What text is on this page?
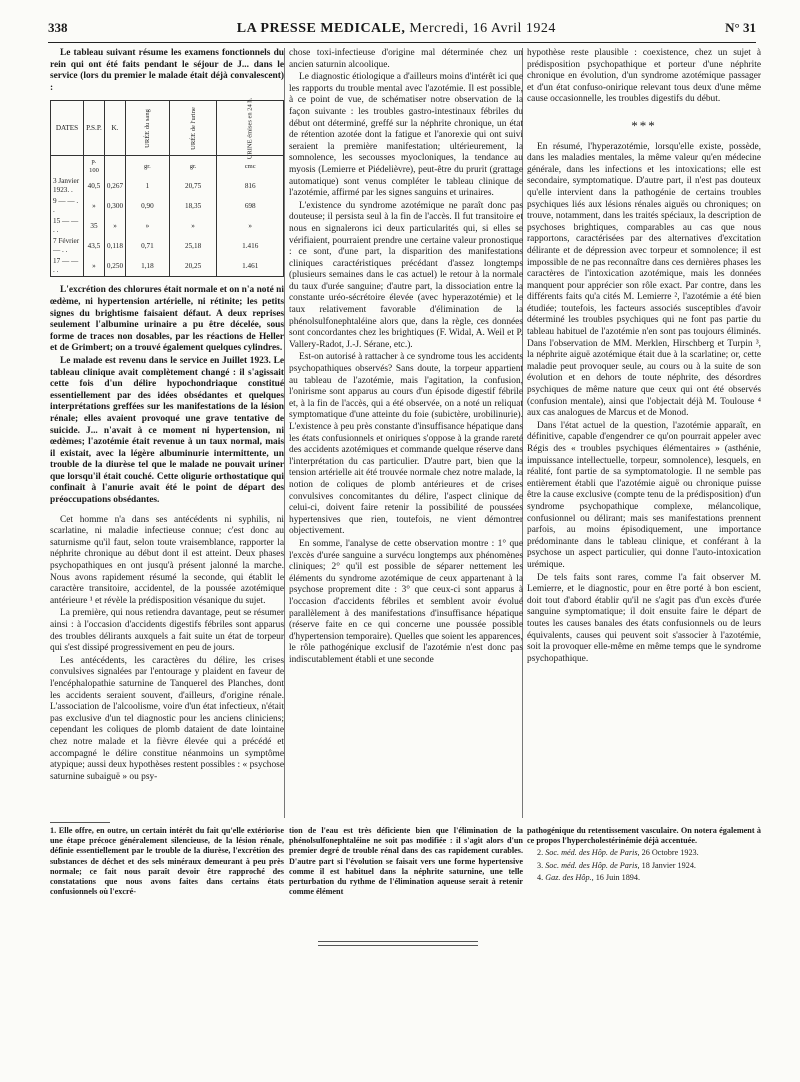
338	LA PRESSE MEDICALE, Mercredi, 16 Avril 1924	N° 31

Le tableau suivant résume les examens fonctionnels du rein qui ont été faits pendant le séjour de J... dans le service (lors du premier le malade était déjà convalescent) :

DATES	P.S.P.	K.	URÉE du sang	URÉE de l'urine	URINE émises en 24 h.
	p. 100		gr.	gr.	cmc
3 Janvier 1923. .	40,5	0,267	1	20,75	816
9 — — . .	»	0,300	0,90	18,35	698
15 — — . .	35	»	»	»	»
7 Février — . .	43,5	0,118	0,71	25,18	1.416
17 — — . .	»	0,250	1,18	20,25	1.461

L'excrétion des chlorures était normale et on n'a noté ni œdème, ni hypertension artérielle, ni rétinite; les petits signes du brightisme faisaient défaut. A deux reprises seulement l'albumine urinaire a pu être décelée, sous forme de traces non dosables, par les réactions de Heller et de Grimbert; on a trouvé également quelques cylindres.

Le malade est revenu dans le service en Juillet 1923. Le tableau clinique avait complètement changé : il s'agissait cette fois d'un délire hypochondriaque constitué essentiellement par des idées obsédantes et quelques interprétations greffées sur les manifestations de la lésion rénale; elles avaient provoqué une grave tentative de suicide. J... n'avait à ce moment ni hypertension, ni œdèmes; l'azotémie était revenue à un taux normal, mais il existait, avec la légère albuminurie intermittente, un trouble de la diurèse tel que le malade ne pouvait uriner que lorsqu'il était couché. Cette oligurie orthostatique qui confinait à l'anurie avait été le point de départ des préoccupations obsédantes.

Cet homme n'a dans ses antécédents ni syphilis, ni scarlatine, ni maladie infectieuse connue; c'est donc au saturnisme qu'il faut, selon toute vraisemblance, rapporter la néphrite chronique au début dont il est atteint. Deux phases psychopathiques en ont jusqu'à présent jalonné la marche. Nous avons rapidement résumé la seconde, qui établit le caractère transitoire, accidentel, de la poussée azotémique antérieure ¹ et révèle la prédisposition vésanique du sujet.

La première, qui nous retiendra davantage, peut se résumer ainsi : à l'occasion d'accidents digestifs fébriles sont apparus des troubles délirants auxquels a fait suite un état de torpeur qui s'est dissipé progressivement en peu de jours.

Les antécédents, les caractères du délire, les crises convulsives signalées par l'entourage y plaident en faveur de l'encéphalopathie saturnine de Tanquerel des Planches, dont les accidents seraient souvent, d'ailleurs, d'origine rénale. L'association de l'alcoolisme, voire d'un état infectieux, n'était pas exclusive d'un tel diagnostic pour les anciens cliniciens; cependant les coliques de plomb dataient de date lointaine chez notre malade et la fièvre élevée qui a précédé et accompagné le délire constitue néanmoins un symptôme atypique; aussi deux hypothèses restent possibles : « psychose saturnine subaiguë » ou psy-

chose toxi-infectieuse d'origine mal déterminée chez un ancien saturnin alcoolique.

Le diagnostic étiologique a d'ailleurs moins d'intérêt ici que les rapports du trouble mental avec l'azotémie. Il est possible, à ce point de vue, de schématiser notre observation de la façon suivante : les troubles gastro-intestinaux fébriles du début ont déterminé, greffé sur la néphrite chronique, un état de rétention azotée dont la fatigue et l'anorexie qui ont suivi seraient la première manifestation; ultérieurement, la somnolence, les secousses myocloniques, la tendance au myosis (Lemierre et Piédelièvre), peut-être du prurit (grattage automatique) sont venus compléter le tableau clinique de l'azotémie, affirmé par les signes sanguins et urinaires.

L'existence du syndrome azotémique ne paraît donc pas douteuse; il persista seul à la fin de l'accès. Il fut transitoire et nous en signalerons ici deux particularités qui, si elles se vérifiaient, pourraient prendre une certaine valeur pronostique : ce sont, d'une part, la disparition des manifestations cliniques caractéristiques précédant d'assez longtemps (plusieurs semaines dans le cas actuel) le retour à la normale du taux d'urée sanguine; d'autre part, la dissociation entre la constante uréo-sécrétoire élevée (avec hyperazotémie) et le taux relativement favorable d'élimination de la phénolsulfonephtaléine alors que, dans la règle, ces données sont concordantes chez les brightiques (F. Widal, A. Weil et P. Vallery-Radot, J.-J. Sérane, etc.).

Est-on autorisé à rattacher à ce syndrome tous les accidents psychopathiques observés? Sans doute, la torpeur appartient au tableau de l'azotémie, mais l'agitation, la confusion, l'onirisme sont apparus au cours d'un épisode digestif fébrile et, à la fin de l'accès, qui a été observée, on a noté un reliquat symptomatique d'une atteinte du foie (subictère, urobilinurie). L'existence à peu près constante d'insuffisance hépatique dans les états confusionnels et oniriques s'oppose à la grande rareté des accidents azotémiques et commande quelque réserve dans l'interprétation du cas particulier. D'autre part, bien que la tension artérielle ait été trouvée normale chez notre malade, la notion de coliques de plomb antérieures et de crises convulsives concomitantes du délire, l'aspect clinique de celui-ci, doivent faire retenir la possibilité de poussées hypertensives que rien, toutefois, ne vient démontrer objectivement.

En somme, l'analyse de cette observation montre : 1° que l'excès d'urée sanguine a survécu longtemps aux phénomènes cliniques; 2° qu'il est possible de séparer nettement les éléments du syndrome azotémique de ceux appartenant à la psychose proprement dite : 3° que ceux-ci sont apparus à l'occasion d'accidents fébriles et semblent avoir évolué parallèlement à des manifestations d'insuffisance hépatique (réserve faite en ce qui concerne une poussée possible d'hypertension temporaire). Quelles que soient les apparences, le rôle pathogénique exclusif de l'azotémie n'est donc pas indiscutablement établi et une seconde

hypothèse reste plausible : coexistence, chez un sujet à prédisposition psychopathique et porteur d'une néphrite chronique en évolution, d'un syndrome azotémique passager et d'un état confuso-onirique relevant tous deux d'une même cause occasionnelle, les troubles digestifs du début.

***

En résumé, l'hyperazotémie, lorsqu'elle existe, possède, dans les maladies mentales, la même valeur qu'en médecine générale, dans les infections et les intoxications; elle est secondaire, symptomatique. D'autre part, il n'est pas douteux qu'elle intervient dans la pathogénie de certains troubles psychiques liés aux lésions rénales aiguës ou chroniques; on trouve, notamment, dans les traités spéciaux, la description de psychoses brightiques, comparables au cas que nous rapportons, caractérisées par des alternatives d'excitation délirante et de dépression avec torpeur et somnolence; il est impossible de ne pas reconnaître dans ces dernières phases les caractères de l'intoxication azotémique, mais les données manquent pour apprécier son rôle exact. Par contre, dans les différents faits qu'a cités M. Lemierre ², l'azotémie a été bien étudiée; toutefois, les facteurs associés susceptibles d'avoir déterminé les troubles psychiques qui ne font pas partie du tableau habituel de l'azotémie n'en sont pas toujours éliminés. Dans l'observation de MM. Merklen, Hirschberg et Turpin ³, la néphrite aiguë azotémique était due à la scarlatine; or, cette maladie peut provoquer seule, au cours ou à la suite de son évolution et en dehors de toute néphrite, des désordres psychiques de même nature que ceux qui ont été observés (confusion mentale), ainsi que l'objectait déjà M. Toulouse ⁴ aux cas analogues de Marcus et de Monod.

Dans l'état actuel de la question, l'azotémie apparaît, en définitive, capable d'engendrer ce qu'on pourrait appeler avec Régis des « troubles psychiques élémentaires » (asthénie, impuissance intellectuelle, torpeur, somnolence), lesquels, en réalité, font partie de sa symptomatologie. Il ne semble pas entièrement établi que l'azotémie aiguë ou chronique puisse être la cause exclusive (compte tenu de la prédisposition) d'un syndrome psychopathique complexe, mélancolique, confusionnel ou délirant; mais ses manifestations prennent parfois, au moins épisodiquement, une importance prédominante dans le tableau clinique, et conférant à la psychose un aspect particulier, qui donne l'auto-intoxication urémique.

De tels faits sont rares, comme l'a fait observer M. Lemierre, et le diagnostic, pour en être porté à bon escient, doit tout d'abord établir qu'il ne s'agit pas d'un excès d'urée sanguine symptomatique; il doit ensuite faire le départ de toutes les causes banales des états confusionnels ou de leurs équivalents, causes qui peuvent soit s'associer à l'azotémie, soit la provoquer elle-même en même temps que le syndrome psychopathique.

1. Elle offre, en outre, un certain intérêt du fait qu'elle extériorise une étape précoce généralement silencieuse, de la lésion rénale, définie essentiellement par le trouble de la diurèse, l'excrétion des substances de déchet et des sels minéraux demeurant à peu près normale; ce fait nous paraît devoir être rapproché des constatations que nous avons faites dans certains états confusionnels où l'excré-

tion de l'eau est très déficiente bien que l'élimination de la phénolsulfonephtaléine ne soit pas modifiée : il s'agit alors d'un premier degré de trouble rénal dans des cas rapidement curables. D'autre part si l'évolution se faisait vers une forme hypertensive comme il est habituel dans la néphrite saturnine, une telle perturbation du rythme de l'élimination aqueuse serait à retenir comme élément

pathogénique du retentissement vasculaire. On notera également à ce propos l'hypercholestérinémie déjà accentuée.

2. Soc. méd. des Hôp. de Paris, 26 Octobre 1923.

3. Soc. méd. des Hôp. de Paris, 18 Janvier 1924.

4. Gaz. des Hôp., 16 Juin 1894.
